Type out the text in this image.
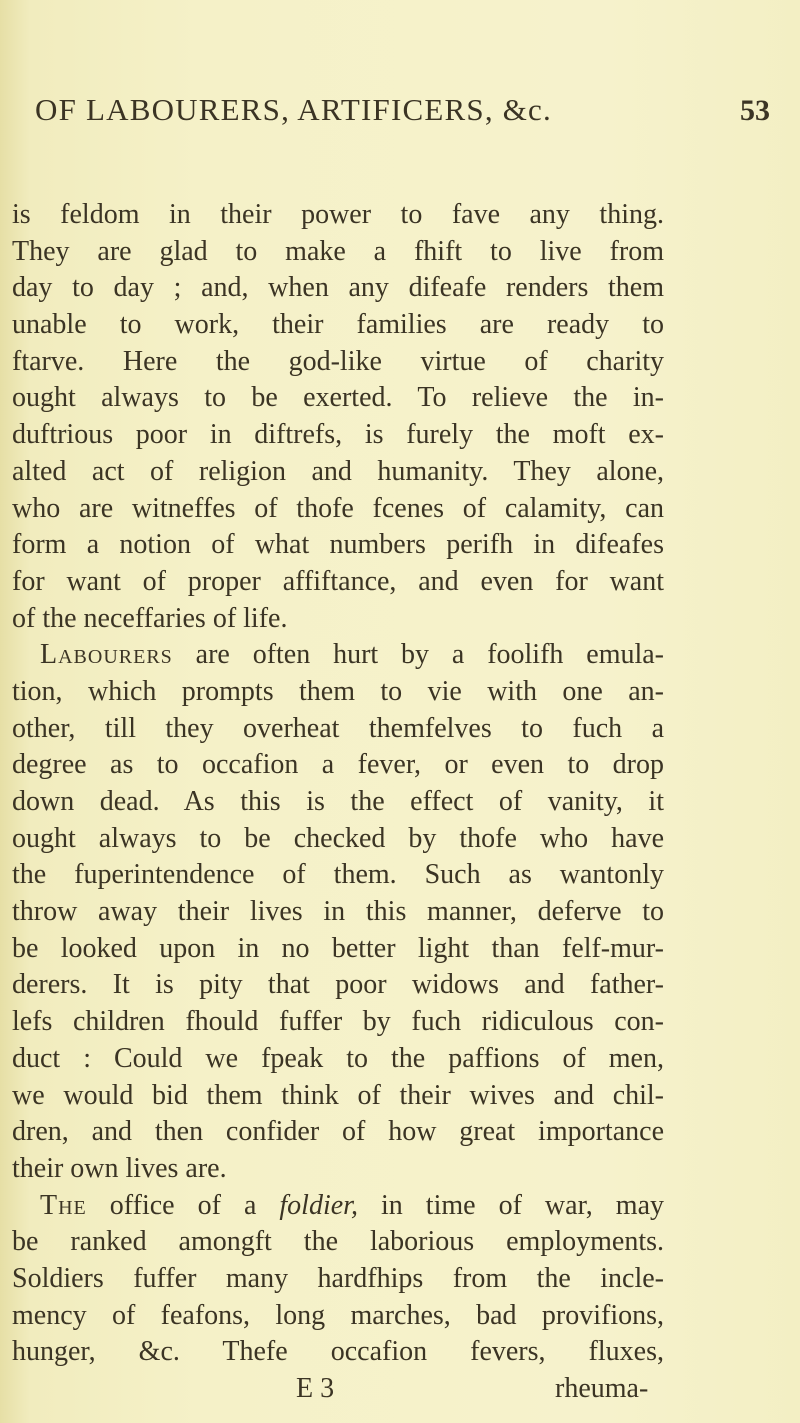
OF LABOURERS, ARTIFICERS, &c.	53
is feldom in their power to fave any thing.
They are glad to make a fhift to live from
day to day ; and, when any difeafe renders them
unable to work, their families are ready to
ftarve. Here the god-like virtue of charity
ought always to be exerted. To relieve the in-
duftrious poor in diftrefs, is furely the moft ex-
alted act of religion and humanity. They alone,
who are witneffes of thofe fcenes of calamity, can
form a notion of what numbers perifh in difeafes
for want of proper affiftance, and even for want
of the neceffaries of life.
Labourers are often hurt by a foolifh emula-
tion, which prompts them to vie with one an-
other, till they overheat themfelves to fuch a
degree as to occafion a fever, or even to drop
down dead. As this is the effect of vanity, it
ought always to be checked by thofe who have
the fuperintendence of them. Such as wantonly
throw away their lives in this manner, deferve to
be looked upon in no better light than felf-mur-
derers. It is pity that poor widows and father-
lefs children fhould fuffer by fuch ridiculous con-
duct : Could we fpeak to the paffions of men,
we would bid them think of their wives and chil-
dren, and then confider of how great importance
their own lives are.
The office of a foldier, in time of war, may
be ranked amongft the laborious employments.
Soldiers fuffer many hardfhips from the incle-
mency of feafons, long marches, bad provifions,
hunger, &c. Thefe occafion fevers, fluxes,
E 3	rheuma-
